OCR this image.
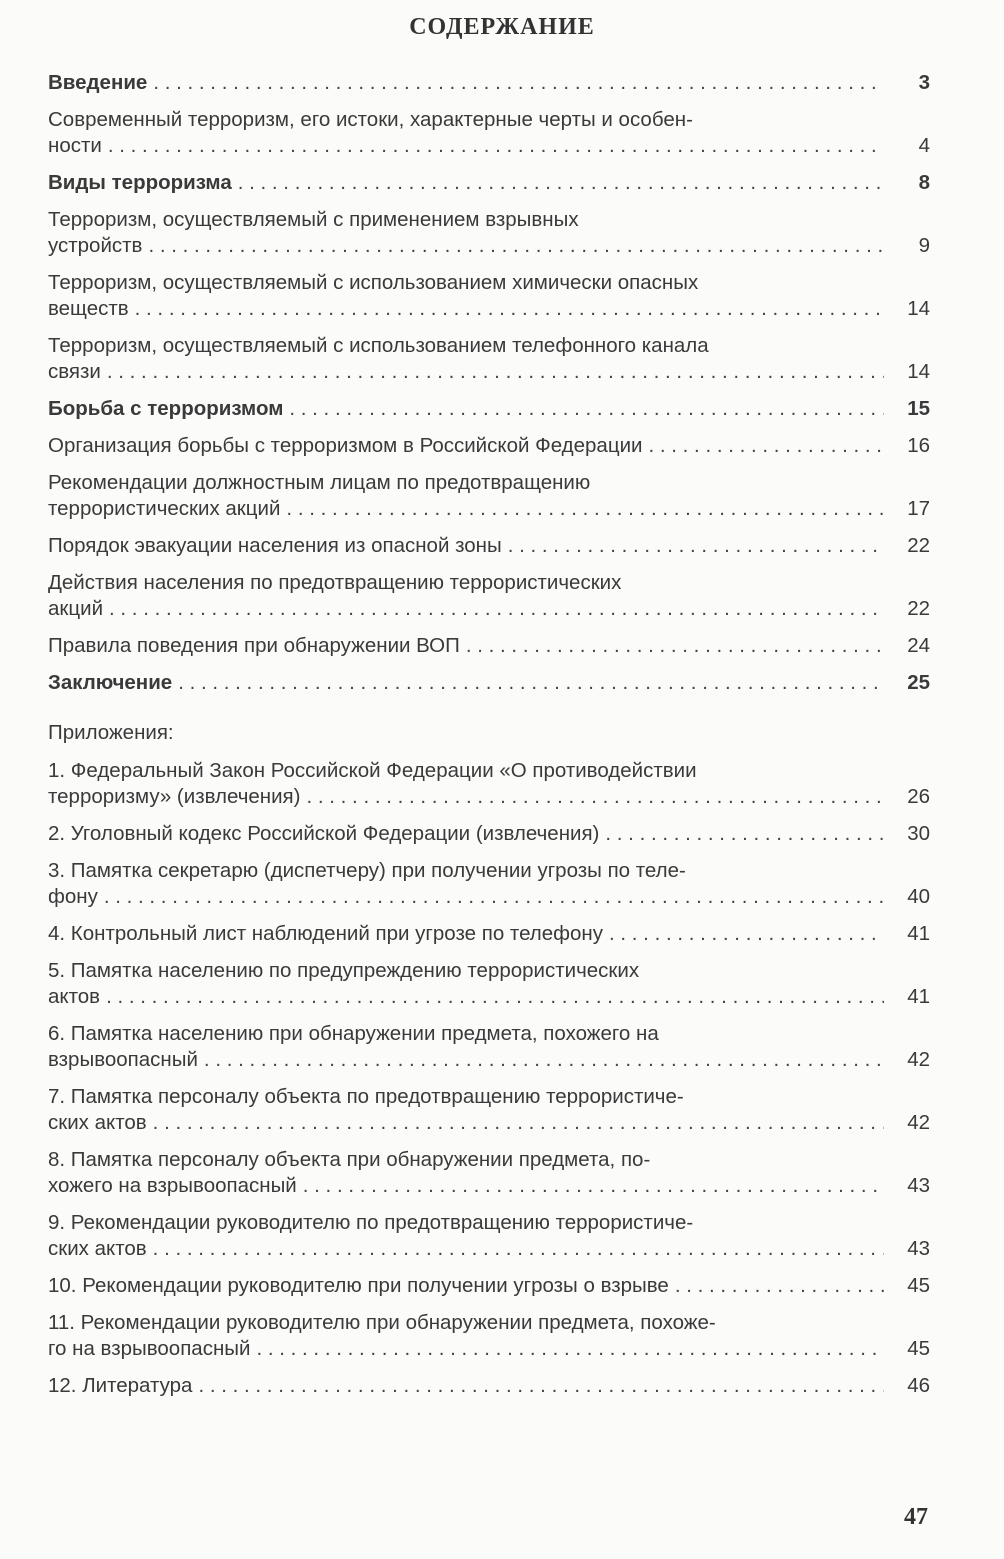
СОДЕРЖАНИЕ
Введение . . .	3
Современный терроризм, его истоки, характерные черты и особен-
ности . . .	4
Виды терроризма . . .	8
Терроризм, осуществляемый с применением взрывных
устройств . . .	9
Терроризм, осуществляемый с использованием химически опасных
веществ . . .	14
Терроризм, осуществляемый с использованием телефонного канала
связи . . .	14
Борьба с терроризмом . . .	15
Организация борьбы с терроризмом в Российской Федерации . . .	16
Рекомендации должностным лицам по предотвращению
террористических акций . . .	17
Порядок эвакуации населения из опасной зоны . . .	22
Действия населения по предотвращению террористических
акций . . .	22
Правила поведения при обнаружении ВОП . . .	24
Заключение . . .	25
Приложения:
1. Федеральный Закон Российской Федерации «О противодействии
терроризму» (извлечения) . . .	26
2. Уголовный кодекс Российской Федерации (извлечения) . . .	30
3. Памятка секретарю (диспетчеру) при получении угрозы по теле-
фону . . .	40
4. Контрольный лист наблюдений при угрозе по телефону . . .	41
5. Памятка населению по предупреждению террористических
актов . . .	41
6. Памятка населению при обнаружении предмета, похожего на
взрывоопасный . . .	42
7. Памятка персоналу объекта по предотвращению террористиче-
ских актов . . .	42
8. Памятка персоналу объекта при обнаружении предмета, по-
хожего на взрывоопасный . . .	43
9. Рекомендации руководителю по предотвращению террористиче-
ских актов . . .	43
10. Рекомендации руководителю при получении угрозы о взрыве . . .	45
11. Рекомендации руководителю при обнаружении предмета, похоже-
го на взрывоопасный . . .	45
12. Литература . . .	46
47
